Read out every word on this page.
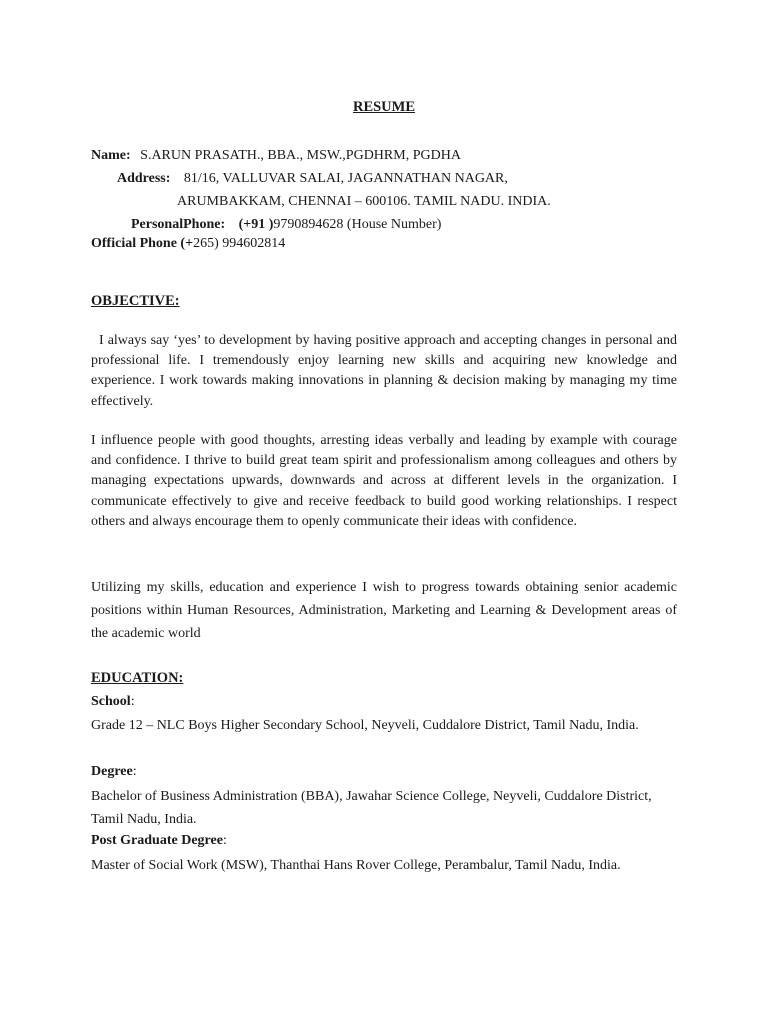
RESUME
Name: S.ARUN PRASATH., BBA., MSW.,PGDHRM, PGDHA
Address: 81/16, VALLUVAR SALAI, JAGANNATHAN NAGAR,
ARUMBAKKAM, CHENNAI – 600106. TAMIL NADU. INDIA.
PersonalPhone: (+91 )9790894628 (House Number)
Official Phone (+265) 994602814
OBJECTIVE:
I always say ‘yes’ to development by having positive approach and accepting changes in personal and professional life. I tremendously enjoy learning new skills and acquiring new knowledge and experience. I work towards making innovations in planning & decision making by managing my time effectively.
I influence people with good thoughts, arresting ideas verbally and leading by example with courage and confidence. I thrive to build great team spirit and professionalism among colleagues and others by managing expectations upwards, downwards and across at different levels in the organization. I communicate effectively to give and receive feedback to build good working relationships. I respect others and always encourage them to openly communicate their ideas with confidence.
Utilizing my skills, education and experience I wish to progress towards obtaining senior academic positions within Human Resources, Administration, Marketing and Learning & Development areas of the academic world
EDUCATION:
School:
Grade 12 – NLC Boys Higher Secondary School, Neyveli, Cuddalore District, Tamil Nadu, India.
Degree:
Bachelor of Business Administration (BBA), Jawahar Science College, Neyveli, Cuddalore District, Tamil Nadu, India.
Post Graduate Degree:
Master of Social Work (MSW), Thanthai Hans Rover College, Perambalur, Tamil Nadu, India.
